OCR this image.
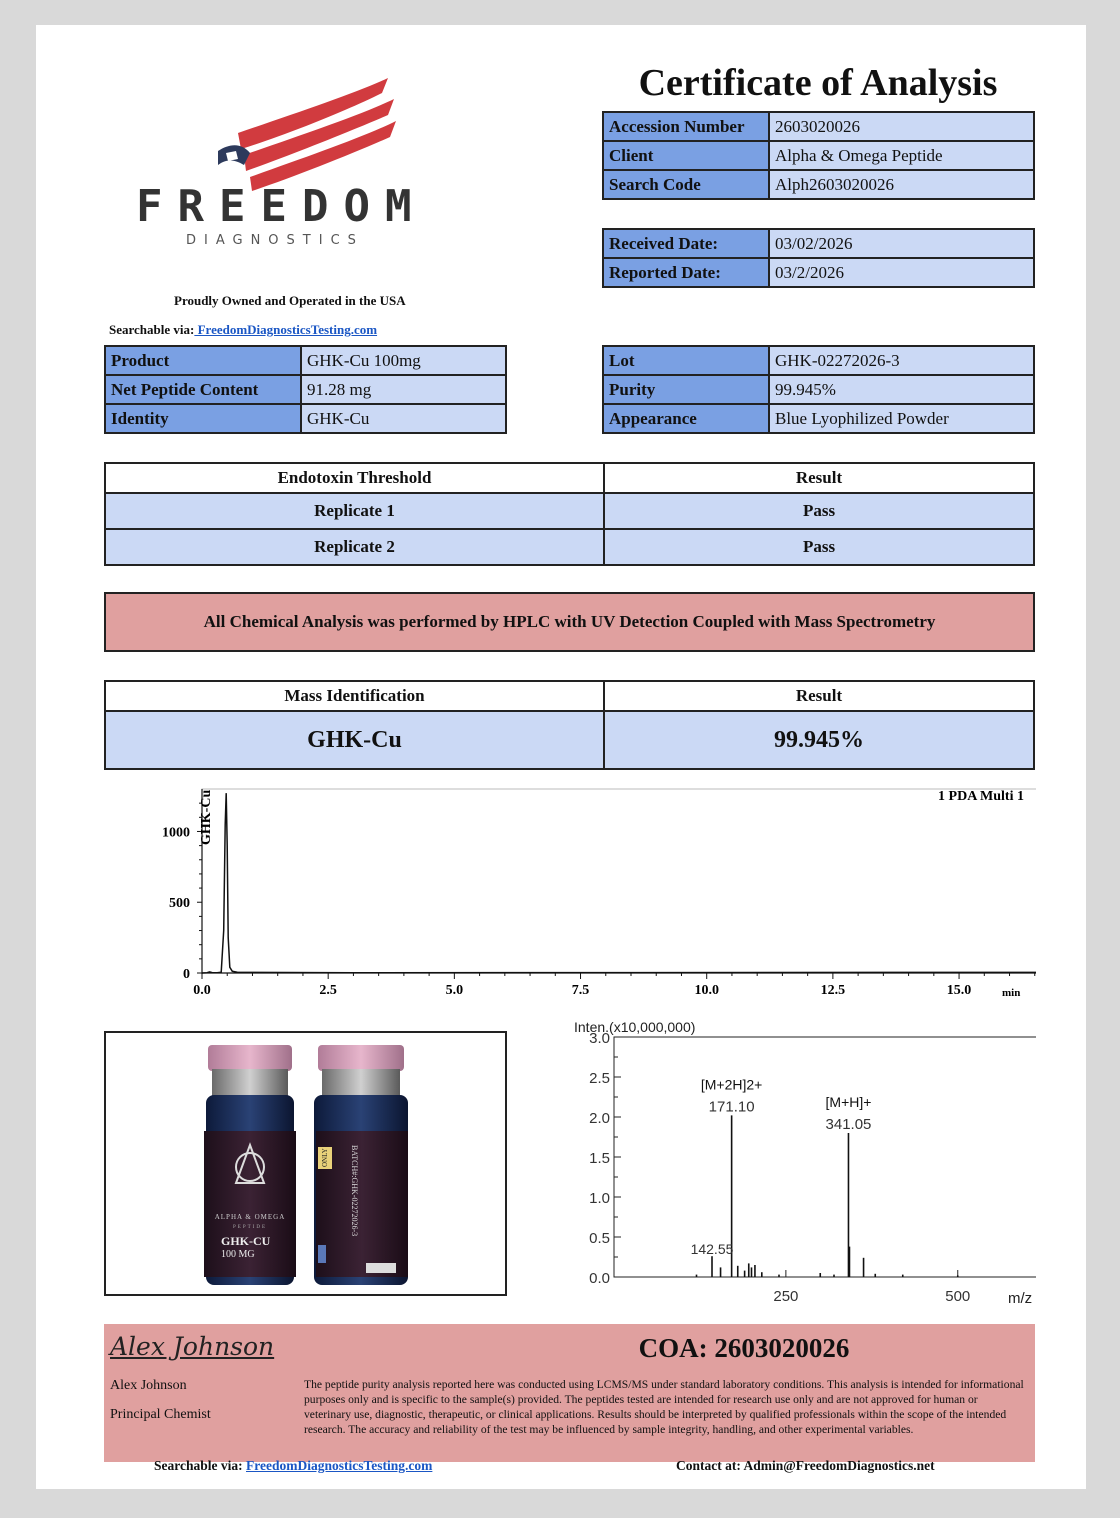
FREEDOM
DIAGNOSTICS
Proudly Owned and Operated in the USA
Searchable via: FreedomDiagnosticsTesting.com
Certificate of Analysis
Accession Number	2603020026
Client	Alpha & Omega Peptide
Search Code	Alph2603020026
Received Date:	03/02/2026
Reported Date:	03/2/2026
Product	GHK-Cu 100mg
Net Peptide Content	91.28 mg
Identity	GHK-Cu
Lot	GHK-02272026-3
Purity	99.945%
Appearance	Blue Lyophilized Powder
Endotoxin Threshold	Result
Replicate 1	Pass
Replicate 2	Pass
All Chemical Analysis was performed by HPLC with UV Detection Coupled with Mass Spectrometry
Mass Identification	Result
GHK-Cu	99.945%
0.0	2.5	5.0	7.5	10.0	12.5	15.0
0
500
1000
1 PDA Multi 1
GHK-Cu
min
ALPHA & OMEGA
PEPTIDE
GHK-CU
100 MG
ONLY	BATCH#:GHK-02272026-3
0.0
0.5
1.0
1.5
2.0
2.5
3.0
250	500
[M+2H]2+
171.10	[M+H]+
341.05
142.55
Inten.(x10,000,000)
m/z
Alex Johnson	COA: 2603020026
Alex Johnson
Principal Chemist
The peptide purity analysis reported here was conducted using LCMS/MS under standard laboratory conditions. This analysis is intended for informational purposes only and is specific to the sample(s) provided. The peptides tested are intended for research use only and are not approved for human or veterinary use, diagnostic, therapeutic, or clinical applications. Results should be interpreted by qualified professionals within the scope of the intended research. The accuracy and reliability of the test may be influenced by sample integrity, handling, and other experimental variables.
Searchable via: FreedomDiagnosticsTesting.com	Contact at: Admin@FreedomDiagnostics.net
